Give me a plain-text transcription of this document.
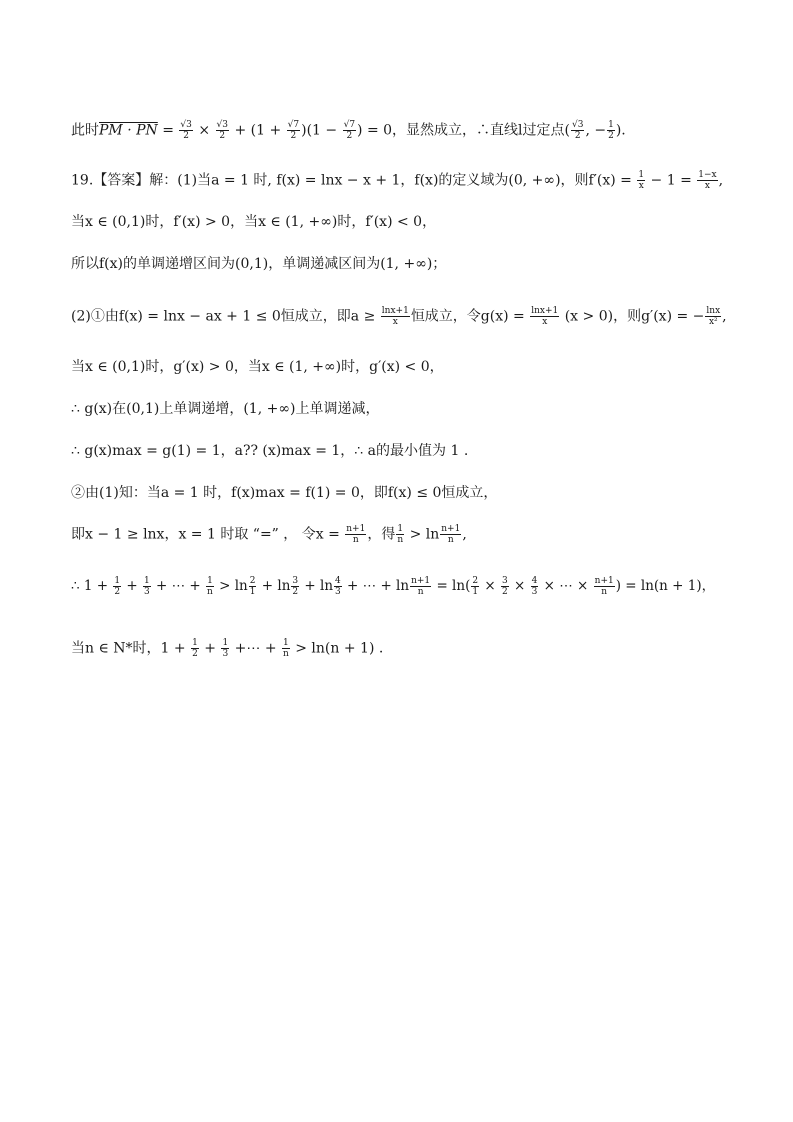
此时PM · PN = $\frac{√3}{2} \times \frac{√3}{2} + (1 + \frac{√7}{2} )(1 - \frac{√7}{2}$ ) = 0，显然成立，∴直线l过定点( $\frac{√3}{2}$ , − $\frac{1}{2}$ ).
19.【答案】解：(1)当a = 1 时, f(x) = lnx − x + 1，f(x)的定义域为(0, +∞)，则$f'(x) = \frac{1}{x} - 1 = \frac{1-x}{x}$ ,
当x ∈ (0,1)时，f′(x) > 0，当x ∈ (1, +∞)时，f′(x) < 0，
所以f(x)的单调递增区间为(0,1)，单调递减区间为(1, +∞)；
(2)①由f(x) = lnx − ax + 1 ≤ 0恒成立，即$a \ge \frac{\ln x+1}{x}$ 恒成立，令$g(x) = \frac{\ln x+1}{x} (x > 0)$，则g′(x) = − $\frac{\ln x}{\text{x²}}$ ,
当x ∈ (0,1)时，g′(x) > 0，当x ∈ (1, +∞)时，g′(x) < 0，
∴ g(x)在(0,1)上单调递增，(1, +∞)上单调递减，
∴ g(x)max = g(1) = 1，a?? (x)max = 1，∴ a的最小值为 1 .
②由(1)知：当a = 1 时，f(x)max = f(1) = 0，即f(x) ≤ 0恒成立，
即x − 1 ≥ lnx，x = 1 时取 “=” ， 令$x = \frac{n+1}{n}$ ，得 $\frac{1}{n} > \ln \frac{n+1}{n}$ ,
∴ $1 + \frac{1}{2} + \frac{1}{3}$ + ⋯ + $\frac{1}{n} > \ln \frac{2}{1} + \ln \frac{3}{2} + \ln \frac{4}{3}$ + ⋯ + $\ln \frac{n+1}{n} = \ln( \frac{2}{1} \times \frac{3}{2} \times \frac{4}{3}$ × ⋯ × $\frac{n+1}{n}$ ) = ln(n + 1)，
当n ∈ N*时，$1 + \frac{1}{2} + \frac{1}{3}$ +⋯ + $\frac{1}{n} > \ln(n + 1)$ .
